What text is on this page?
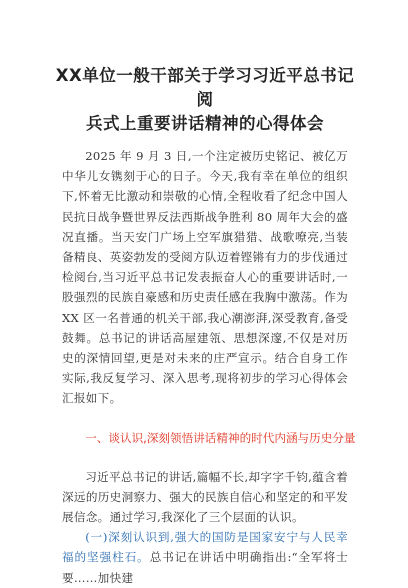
XX单位一般干部关于学习习近平总书记阅
兵式上重要讲话精神的心得体会

2025 年 9 月 3 日,一个注定被历史铭记、被亿万中华儿女镌刻于心的日子。今天,我有幸在单位的组织下,怀着无比激动和崇敬的心情,全程收看了纪念中国人民抗日战争暨世界反法西斯战争胜利 80 周年大会的盛况直播。当天安门广场上空军旗猎猎、战歌嘹亮,当装备精良、英姿勃发的受阅方队迈着铿锵有力的步伐通过检阅台,当习近平总书记发表振奋人心的重要讲话时,一股强烈的民族自豪感和历史责任感在我胸中激荡。作为 XX 区一名普通的机关干部,我心潮澎湃,深受教育,备受鼓舞。总书记的讲话高屋建瓴、思想深邃,不仅是对历史的深情回望,更是对未来的庄严宣示。结合自身工作实际,我反复学习、深入思考,现将初步的学习心得体会汇报如下。

一、谈认识,深刻领悟讲话精神的时代内涵与历史分量

习近平总书记的讲话,篇幅不长,却字字千钧,蕴含着深远的历史洞察力、强大的民族自信心和坚定的和平发展信念。通过学习,我深化了三个层面的认识。

(一)深刻认识到,强大的国防是国家安宁与人民幸福的坚强柱石。总书记在讲话中明确指出:“全军将士要……加快建
